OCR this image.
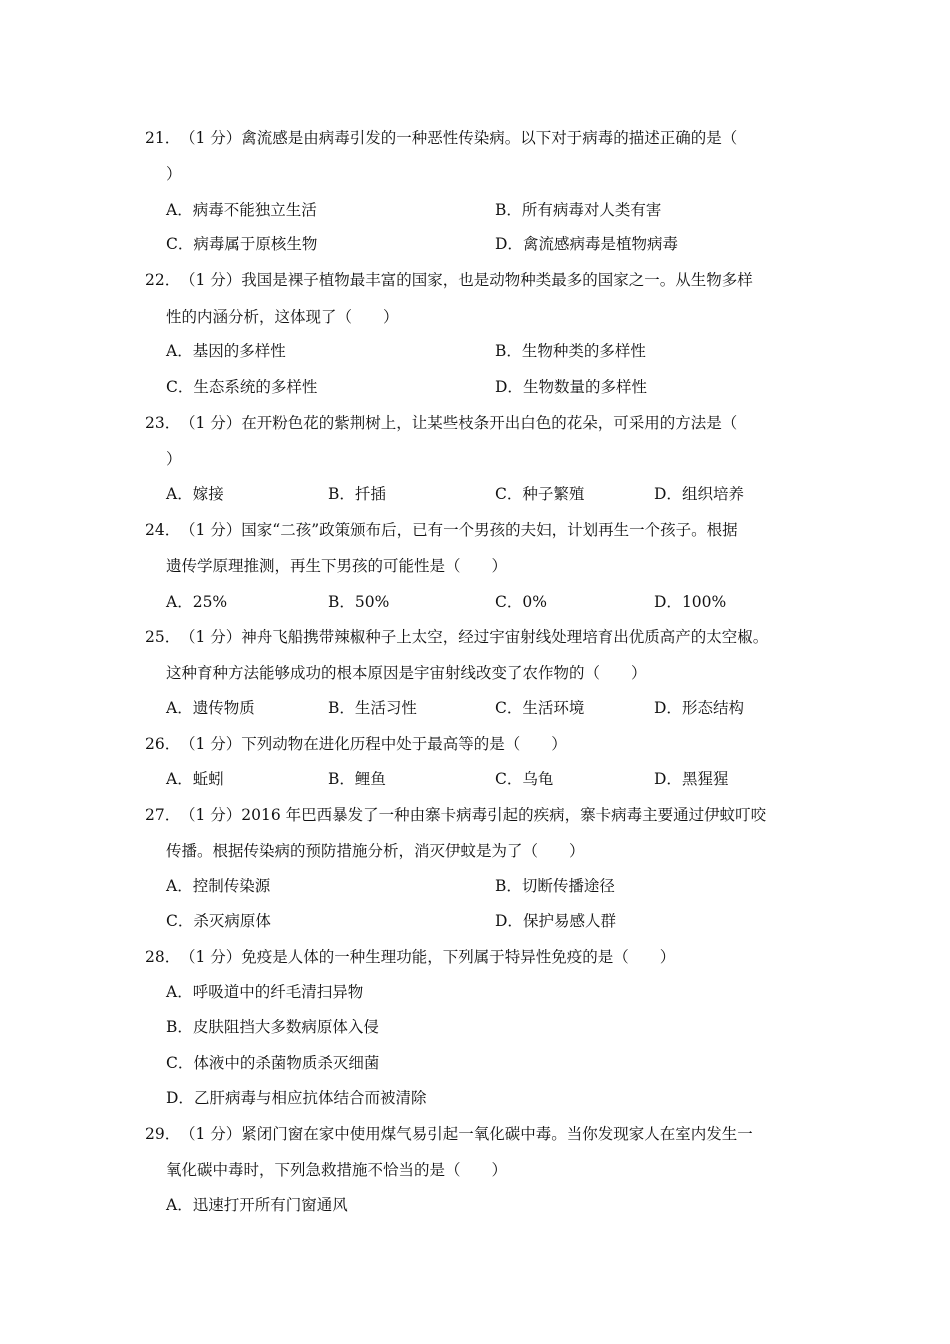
21． （1 分）禽流感是由病毒引发的一种恶性传染病。以下对于病毒的描述正确的是（
）
A．病毒不能独立生活	B．所有病毒对人类有害
C．病毒属于原核生物	D．禽流感病毒是植物病毒
22． （1 分）我国是裸子植物最丰富的国家，也是动物种类最多的国家之一。从生物多样
性的内涵分析，这体现了（　　）
A．基因的多样性	B．生物种类的多样性
C．生态系统的多样性	D．生物数量的多样性
23． （1 分）在开粉色花的紫荆树上，让某些枝条开出白色的花朵，可采用的方法是（
）
A．嫁接	B．扦插	C．种子繁殖	D．组织培养
24． （1 分）国家“二孩”政策颁布后，已有一个男孩的夫妇，计划再生一个孩子。根据
遗传学原理推测，再生下男孩的可能性是（　　）
A．25%	B．50%	C．0%	D．100%
25． （1 分）神舟飞船携带辣椒种子上太空，经过宇宙射线处理培育出优质高产的太空椒。
这种育种方法能够成功的根本原因是宇宙射线改变了农作物的（　　）
A．遗传物质	B．生活习性	C．生活环境	D．形态结构
26． （1 分）下列动物在进化历程中处于最高等的是（　　）
A．蚯蚓	B．鲤鱼	C．乌龟	D．黑猩猩
27． （1 分）2016 年巴西暴发了一种由寨卡病毒引起的疾病，寨卡病毒主要通过伊蚊叮咬
传播。根据传染病的预防措施分析，消灭伊蚊是为了（　　）
A．控制传染源	B．切断传播途径
C．杀灭病原体	D．保护易感人群
28． （1 分）免疫是人体的一种生理功能，下列属于特异性免疫的是（　　）
A．呼吸道中的纤毛清扫异物
B．皮肤阻挡大多数病原体入侵
C．体液中的杀菌物质杀灭细菌
D．乙肝病毒与相应抗体结合而被清除
29． （1 分）紧闭门窗在家中使用煤气易引起一氧化碳中毒。当你发现家人在室内发生一
氧化碳中毒时，下列急救措施不恰当的是（　　）
A．迅速打开所有门窗通风
